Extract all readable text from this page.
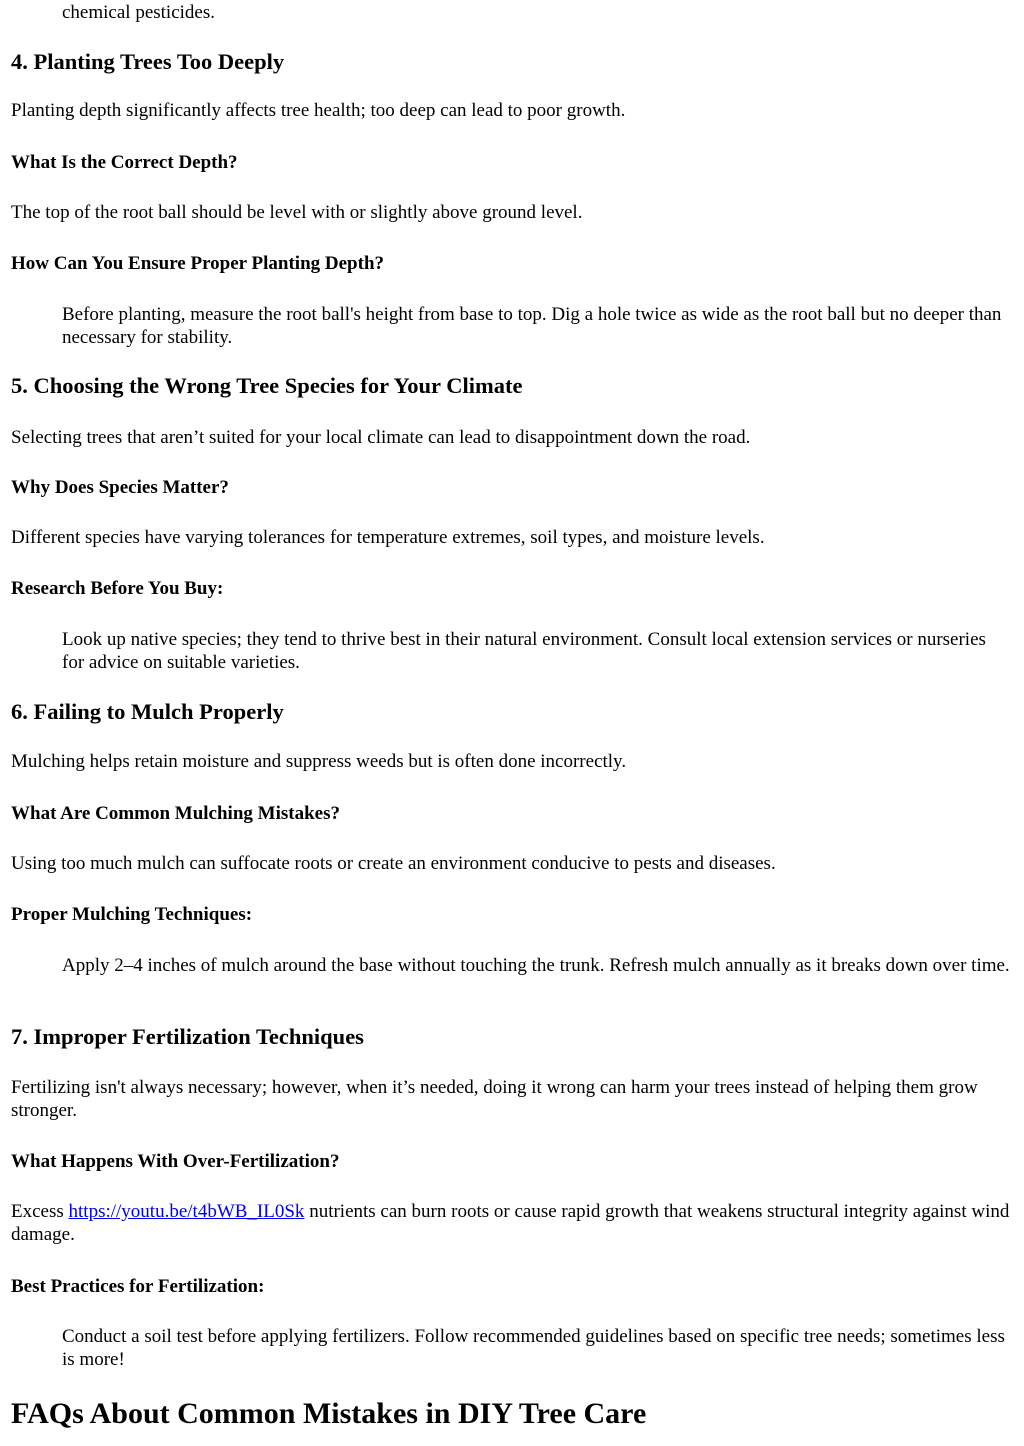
chemical pesticides.

4. Planting Trees Too Deeply

Planting depth significantly affects tree health; too deep can lead to poor growth.

What Is the Correct Depth?

The top of the root ball should be level with or slightly above ground level.

How Can You Ensure Proper Planting Depth?

Before planting, measure the root ball's height from base to top. Dig a hole twice as wide as the root ball but no deeper than necessary for stability.

5. Choosing the Wrong Tree Species for Your Climate

Selecting trees that aren’t suited for your local climate can lead to disappointment down the road.

Why Does Species Matter?

Different species have varying tolerances for temperature extremes, soil types, and moisture levels.

Research Before You Buy:

Look up native species; they tend to thrive best in their natural environment. Consult local extension services or nurseries for advice on suitable varieties.

6. Failing to Mulch Properly

Mulching helps retain moisture and suppress weeds but is often done incorrectly.

What Are Common Mulching Mistakes?

Using too much mulch can suffocate roots or create an environment conducive to pests and diseases.

Proper Mulching Techniques:

Apply 2–4 inches of mulch around the base without touching the trunk. Refresh mulch annually as it breaks down over time.

7. Improper Fertilization Techniques

Fertilizing isn't always necessary; however, when it’s needed, doing it wrong can harm your trees instead of helping them grow stronger.

What Happens With Over-Fertilization?

Excess https://youtu.be/t4bWB_IL0Sk nutrients can burn roots or cause rapid growth that weakens structural integrity against wind damage.

Best Practices for Fertilization:

Conduct a soil test before applying fertilizers. Follow recommended guidelines based on specific tree needs; sometimes less is more!

FAQs About Common Mistakes in DIY Tree Care
